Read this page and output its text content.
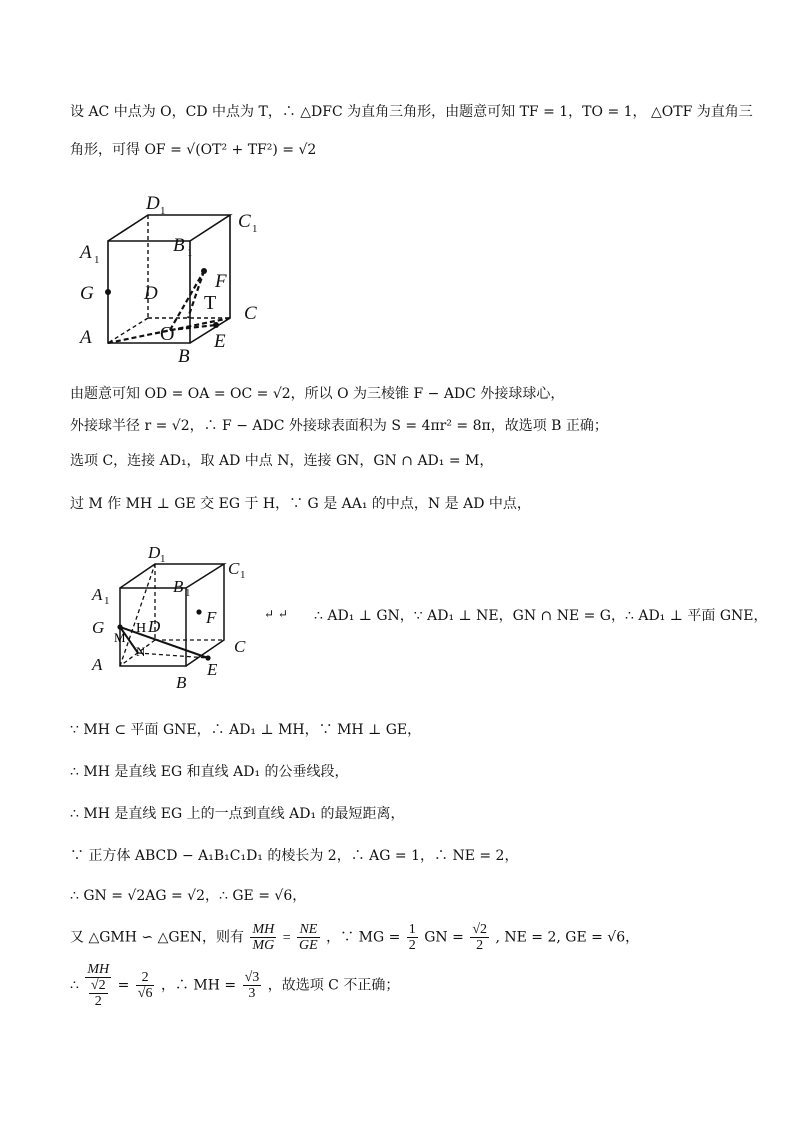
设 AC 中点为 O，CD 中点为 T，∴ △DFC 为直角三角形，由题意可知 TF = 1，TO = 1， △OTF 为直角三
角形，可得 OF = √(OT² + TF²) = √2
D 1	C 1
A 1
B 1
G	D
F
T C
A	O E
B
由题意可知 OD = OA = OC = √2，所以 O 为三棱锥 F − ADC 外接球球心，
外接球半径 r = √2，∴ F − ADC 外接球表面积为 S = 4πr² = 8π，故选项 B 正确；
选项 C，连接 AD₁，取 AD 中点 N，连接 GN，GN ∩ AD₁ = M，
过 M 作 MH ⊥ GE 交 EG 于 H，∵ G 是 AA₁ 的中点，N 是 AD 中点，
D 1	C 1
A 1
B 1
G H D
M
N
F
C
A	E
B
↵ ↵ ∴ AD₁ ⊥ GN，∵ AD₁ ⊥ NE，GN ∩ NE = G，∴ AD₁ ⊥ 平面 GNE，
∵ MH ⊂ 平面 GNE，∴ AD₁ ⊥ MH，∵ MH ⊥ GE，
∴ MH 是直线 EG 和直线 AD₁ 的公垂线段，
∴ MH 是直线 EG 上的一点到直线 AD₁ 的最短距离，
∵ 正方体 ABCD − A₁B₁C₁D₁ 的棱长为 2，∴ AG = 1，∴ NE = 2，
∴ GN = √2AG = √2，∴ GE = √6，
又 △GMH ∽ △GEN，则有 $\frac{MH}{MG} = \frac{NE}{GE}$ ，∵ MG = $\frac{1}{2}$ GN = $\frac{√2}{2}$ , NE = 2, GE = √6，
∴ $\frac{MH}{\frac{√2}{2}} = \frac{2}{√6}$ ，∴ MH = $\frac{√3}{3}$ ，故选项 C 不正确；
